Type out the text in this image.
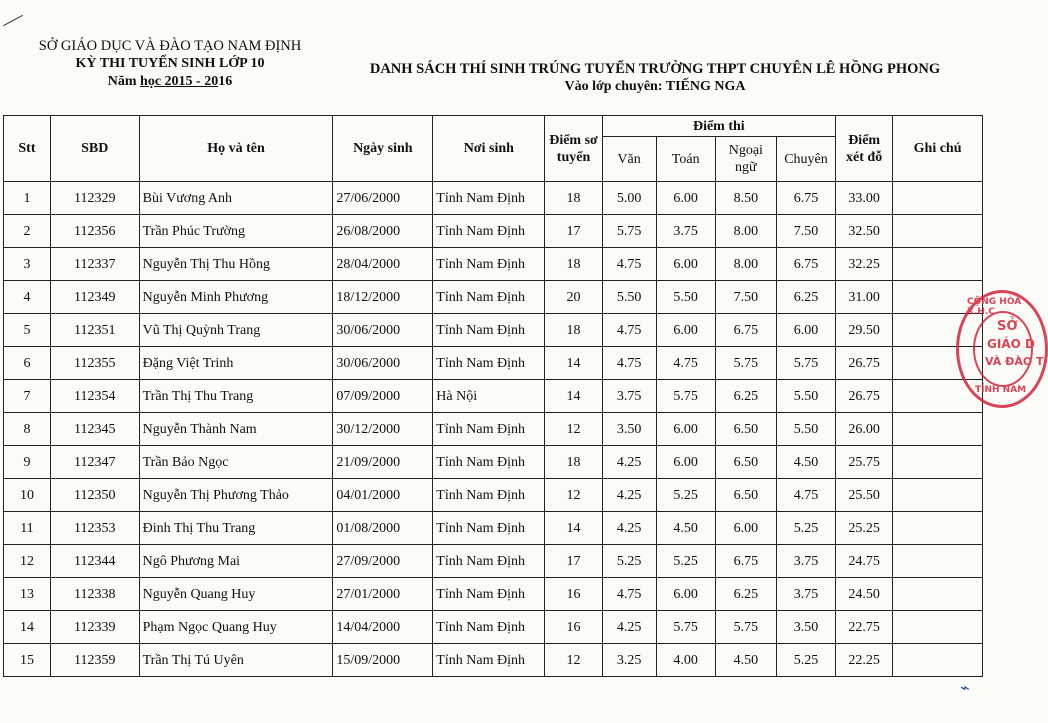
SỞ GIÁO DỤC VÀ ĐÀO TẠO NAM ĐỊNH
KỲ THI TUYỂN SINH LỚP 10
Năm học 2015 - 2016
DANH SÁCH THÍ SINH TRÚNG TUYỂN TRƯỜNG THPT CHUYÊN LÊ HỒNG PHONG
Vào lớp chuyên: TIẾNG NGA
Stt	SBD	Họ và tên	Ngày sinh	Nơi sinh	Điểm sơ tuyển	Điểm thi				Điểm xét đỗ	Ghi chú
						Văn	Toán	Ngoại ngữ	Chuyên		
1	112329	Bùi Vương Anh	27/06/2000	Tỉnh Nam Định	18	5.00	6.00	8.50	6.75	33.00	
2	112356	Trần Phúc Trường	26/08/2000	Tỉnh Nam Định	17	5.75	3.75	8.00	7.50	32.50	
3	112337	Nguyễn Thị Thu Hồng	28/04/2000	Tỉnh Nam Định	18	4.75	6.00	8.00	6.75	32.25	
4	112349	Nguyễn Minh Phương	18/12/2000	Tỉnh Nam Định	20	5.50	5.50	7.50	6.25	31.00	
5	112351	Vũ Thị Quỳnh Trang	30/06/2000	Tỉnh Nam Định	18	4.75	6.00	6.75	6.00	29.50	
6	112355	Đặng Việt Trinh	30/06/2000	Tỉnh Nam Định	14	4.75	4.75	5.75	5.75	26.75	
7	112354	Trần Thị Thu Trang	07/09/2000	Hà Nội	14	3.75	5.75	6.25	5.50	26.75	
8	112345	Nguyễn Thành Nam	30/12/2000	Tỉnh Nam Định	12	3.50	6.00	6.50	5.50	26.00	
9	112347	Trần Bảo Ngọc	21/09/2000	Tỉnh Nam Định	18	4.25	6.00	6.50	4.50	25.75	
10	112350	Nguyễn Thị Phương Thảo	04/01/2000	Tỉnh Nam Định	12	4.25	5.25	6.50	4.75	25.50	
11	112353	Đinh Thị Thu Trang	01/08/2000	Tỉnh Nam Định	14	4.25	4.50	6.00	5.25	25.25	
12	112344	Ngô Phương Mai	27/09/2000	Tỉnh Nam Định	17	5.25	5.25	6.75	3.75	24.75	
13	112338	Nguyễn Quang Huy	27/01/2000	Tỉnh Nam Định	16	4.75	6.00	6.25	3.75	24.50	
14	112339	Phạm Ngọc Quang Huy	14/04/2000	Tỉnh Nam Định	16	4.25	5.75	5.75	3.50	22.75	
15	112359	Trần Thị Tú Uyên	15/09/2000	Tỉnh Nam Định	12	3.25	4.00	4.50	5.25	22.25	
CỘNG HÒA X.H.C
SỞ
GIÁO D
VÀ ĐÀO T
TỈNH NAM
⌁
